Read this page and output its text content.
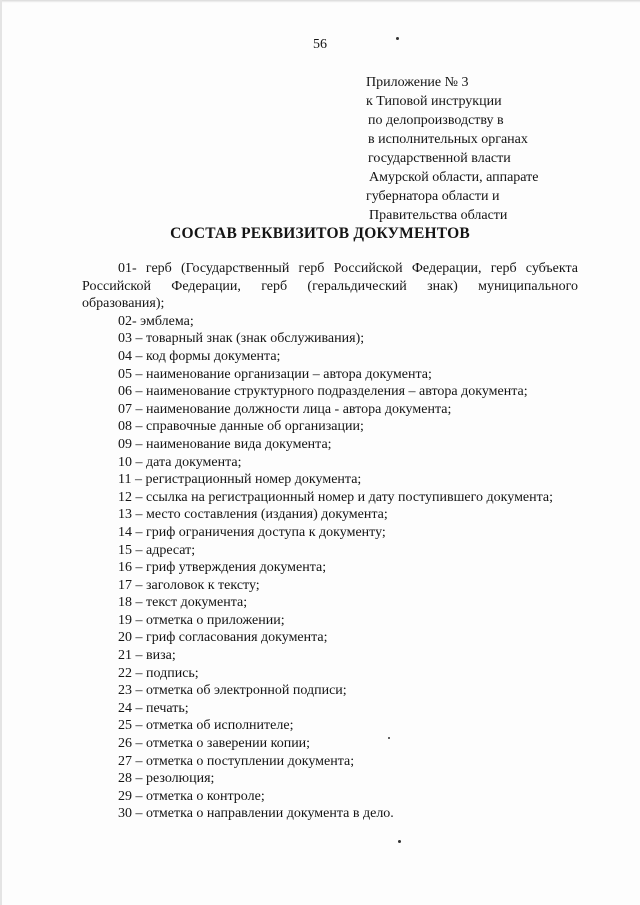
56
Приложение № 3
к Типовой инструкции
по делопроизводству в
в исполнительных органах
государственной власти
Амурской области, аппарате
губернатора области и
Правительства области
СОСТАВ РЕКВИЗИТОВ ДОКУМЕНТОВ

01- герб (Государственный герб Российской Федерации, герб субъекта Российской Федерации, герб (геральдический знак) муниципального образования);

02- эмблема;

03 – товарный знак (знак обслуживания);

04 – код формы документа;

05 – наименование организации – автора документа;

06 – наименование структурного подразделения – автора документа;

07 – наименование должности лица - автора документа;

08 – справочные данные об организации;

09 – наименование вида документа;

10 – дата документа;

11 – регистрационный номер документа;

12 – ссылка на регистрационный номер и дату поступившего документа;

13 – место составления (издания) документа;

14 – гриф ограничения доступа к документу;

15 – адресат;

16 – гриф утверждения документа;

17 – заголовок к тексту;

18 – текст документа;

19 – отметка о приложении;

20 – гриф согласования документа;

21 – виза;

22 – подпись;

23 – отметка об электронной подписи;

24 – печать;

25 – отметка об исполнителе;

26 – отметка о заверении копии;

27 – отметка о поступлении документа;

28 – резолюция;

29 – отметка о контроле;

30 – отметка о направлении документа в дело.
